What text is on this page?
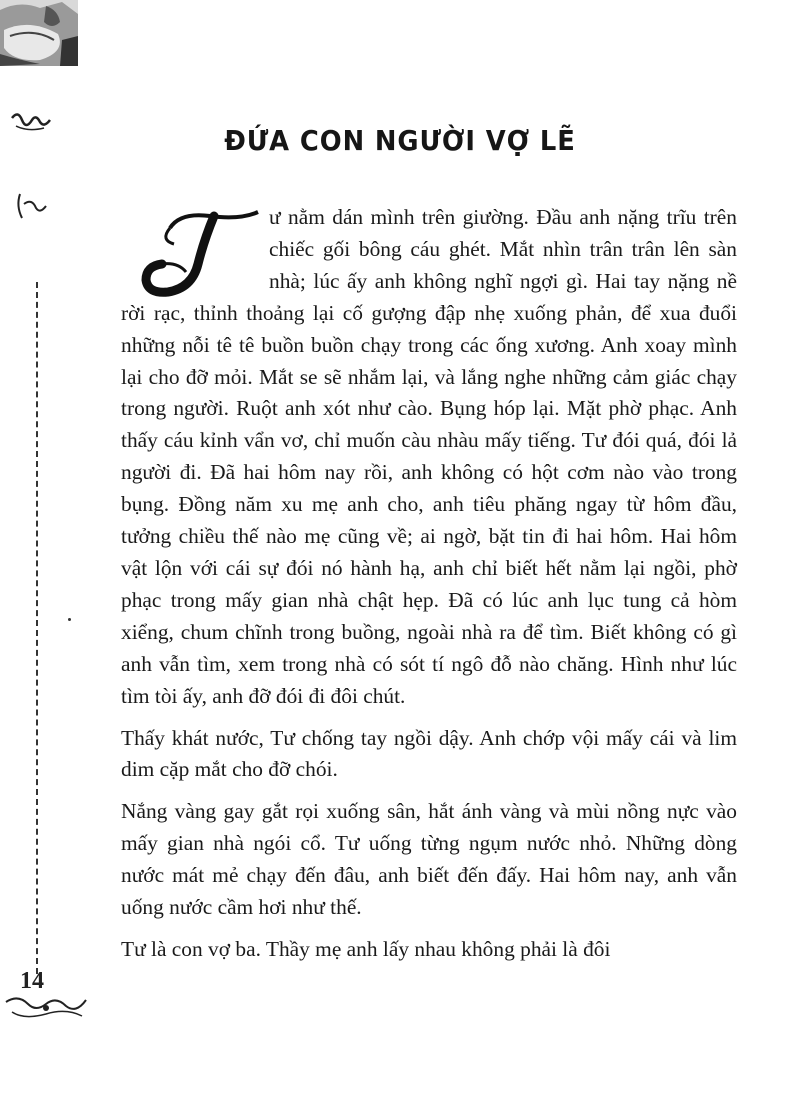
ĐỨA CON NGƯỜI VỢ LẼ

ư nằm dán mình trên giường. Đầu anh nặng trĩu trên chiếc gối bông cáu ghét. Mắt nhìn trân trân lên sàn nhà; lúc ấy anh không nghĩ ngợi gì. Hai tay nặng nề rời rạc, thỉnh thoảng lại cố gượng đập nhẹ xuống phản, để xua đuổi những nỗi tê tê buồn buồn chạy trong các ống xương. Anh xoay mình lại cho đỡ mỏi. Mắt se sẽ nhắm lại, và lắng nghe những cảm giác chạy trong người. Ruột anh xót như cào. Bụng hóp lại. Mặt phờ phạc. Anh thấy cáu kỉnh vẩn vơ, chỉ muốn càu nhàu mấy tiếng. Tư đói quá, đói lả người đi. Đã hai hôm nay rồi, anh không có hột cơm nào vào trong bụng. Đồng năm xu mẹ anh cho, anh tiêu phăng ngay từ hôm đầu, tưởng chiều thế nào mẹ cũng về; ai ngờ, bặt tin đi hai hôm. Hai hôm vật lộn với cái sự đói nó hành hạ, anh chỉ biết hết nằm lại ngồi, phờ phạc trong mấy gian nhà chật hẹp. Đã có lúc anh lục tung cả hòm xiểng, chum chĩnh trong buồng, ngoài nhà ra để tìm. Biết không có gì anh vẫn tìm, xem trong nhà có sót tí ngô đỗ nào chăng. Hình như lúc tìm tòi ấy, anh đỡ đói đi đôi chút.

Thấy khát nước, Tư chống tay ngồi dậy. Anh chớp vội mấy cái và lim dim cặp mắt cho đỡ chói.

Nắng vàng gay gắt rọi xuống sân, hắt ánh vàng và mùi nồng nực vào mấy gian nhà ngói cổ. Tư uống từng ngụm nước nhỏ. Những dòng nước mát mẻ chạy đến đâu, anh biết đến đấy. Hai hôm nay, anh vẫn uống nước cầm hơi như thế.

Tư là con vợ ba. Thầy mẹ anh lấy nhau không phải là đôi

14
